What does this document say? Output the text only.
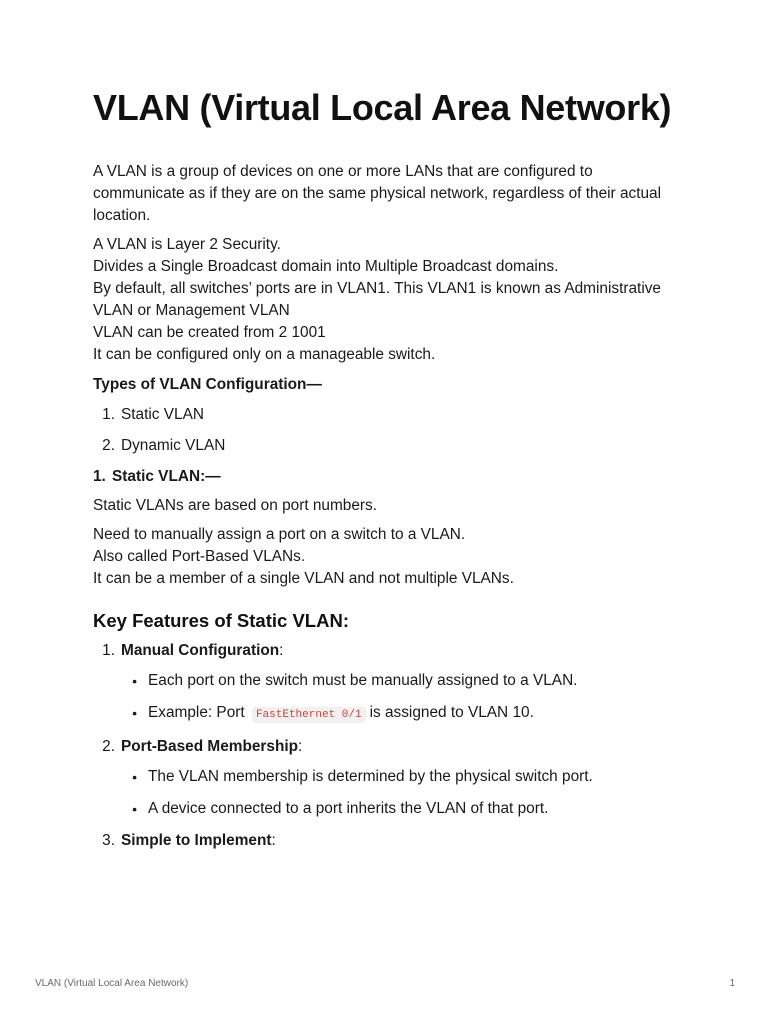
VLAN (Virtual Local Area Network)

A VLAN is a group of devices on one or more LANs that are configured to communicate as if they are on the same physical network, regardless of their actual location.

A VLAN is Layer 2 Security.
Divides a Single Broadcast domain into Multiple Broadcast domains.
By default, all switches’ ports are in VLAN1. This VLAN1 is known as Administrative VLAN or Management VLAN
VLAN can be created from 2 1001
It can be configured only on a manageable switch.

Types of VLAN Configuration—
1. Static VLAN
2. Dynamic VLAN
1. Static VLAN:—

Static VLANs are based on port numbers.

Need to manually assign a port on a switch to a VLAN.
Also called Port-Based VLANs.
It can be a member of a single VLAN and not multiple VLANs.

Key Features of Static VLAN:
1. Manual Configuration:
• Each port on the switch must be manually assigned to a VLAN.
• Example: Port FastEthernet 0/1 is assigned to VLAN 10.
2. Port-Based Membership:
• The VLAN membership is determined by the physical switch port.
• A device connected to a port inherits the VLAN of that port.
3. Simple to Implement:
VLAN (Virtual Local Area Network)	1
